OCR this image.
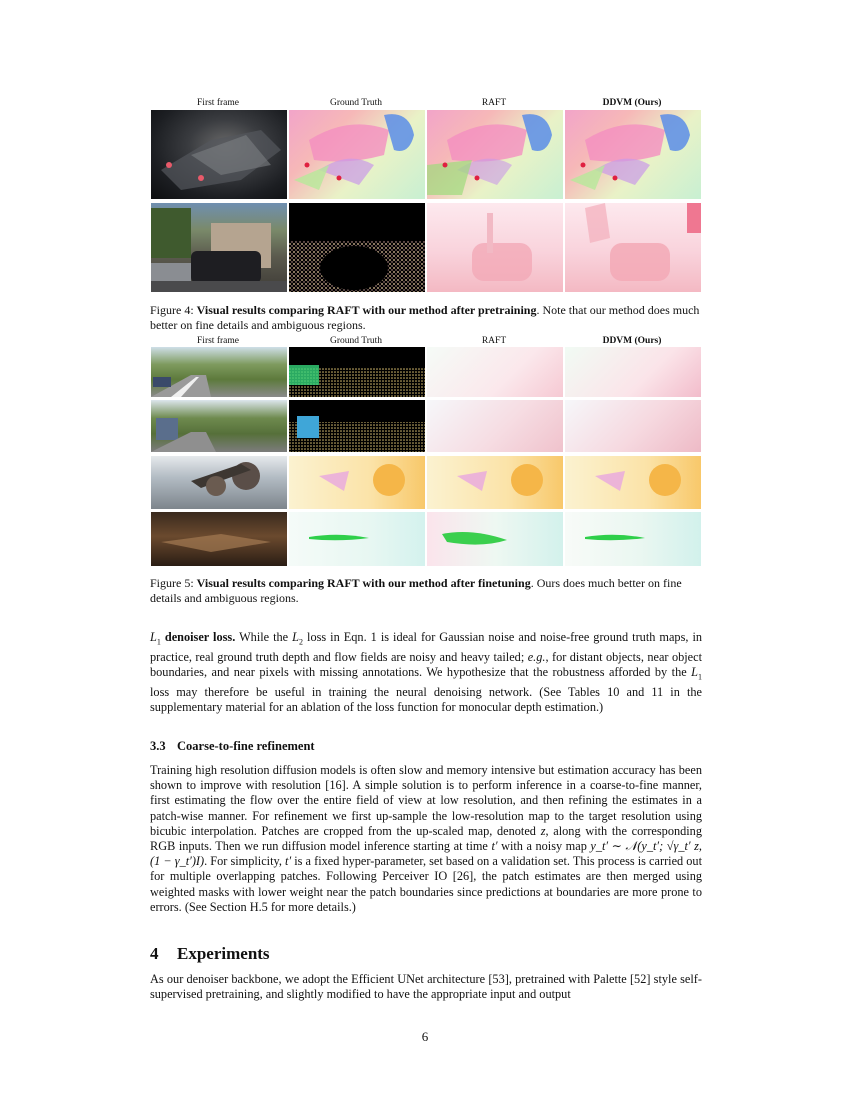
First frame	Ground Truth	RAFT	DDVM (Ours)
Figure 4: Visual results comparing RAFT with our method after pretraining. Note that our method does much better on fine details and ambiguous regions.
First frame	Ground Truth	RAFT	DDVM (Ours)
Figure 5: Visual results comparing RAFT with our method after finetuning. Ours does much better on fine details and ambiguous regions.
$L_1$ denoiser loss. While the $L_2$ loss in Eqn. 1 is ideal for Gaussian noise and noise-free ground truth maps, in practice, real ground truth depth and flow fields are noisy and heavy tailed; e.g., for distant objects, near object boundaries, and near pixels with missing annotations. We hypothesize that the robustness afforded by the $L_1$ loss may therefore be useful in training the neural denoising network. (See Tables 10 and 11 in the supplementary material for an ablation of the loss function for monocular depth estimation.)
3.3 Coarse-to-fine refinement
Training high resolution diffusion models is often slow and memory intensive but estimation accuracy has been shown to improve with resolution [16]. A simple solution is to perform inference in a coarse-to-fine manner, first estimating the flow over the entire field of view at low resolution, and then refining the estimates in a patch-wise manner. For refinement we first up-sample the low-resolution map to the target resolution using bicubic interpolation. Patches are cropped from the up-scaled map, denoted z, along with the corresponding RGB inputs. Then we run diffusion model inference starting at time t′ with a noisy map y_t′ ∼ 𝒩(y_t′; √γ_t′ z, (1 − γ_t′)I). For simplicity, t′ is a fixed hyper-parameter, set based on a validation set. This process is carried out for multiple overlapping patches. Following Perceiver IO [26], the patch estimates are then merged using weighted masks with lower weight near the patch boundaries since predictions at boundaries are more prone to errors. (See Section H.5 for more details.)
4 Experiments
As our denoiser backbone, we adopt the Efficient UNet architecture [53], pretrained with Palette [52] style self-supervised pretraining, and slightly modified to have the appropriate input and output
6
